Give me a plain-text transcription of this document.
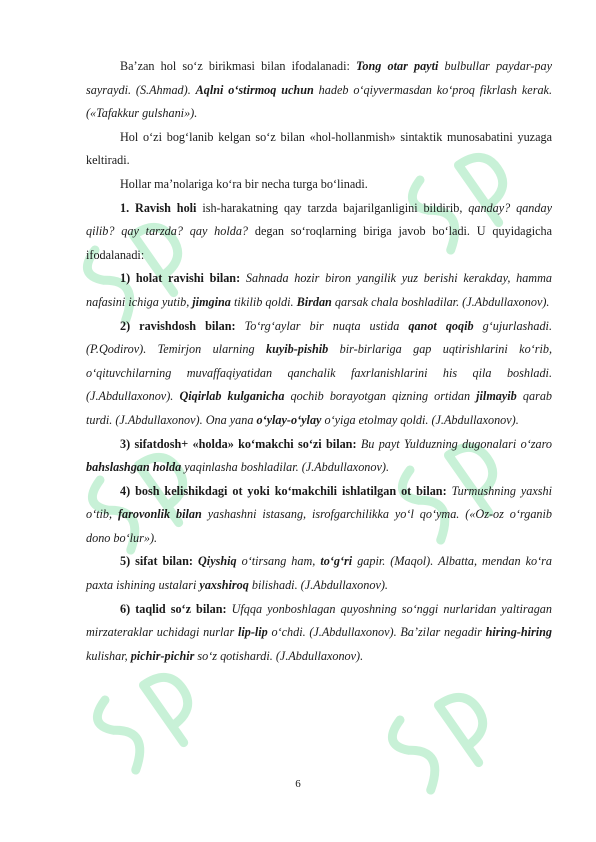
Ba’zan hol so‘z birikmasi bilan ifodalanadi: Tong otar payti bulbullar paydar-pay sayraydi. (S.Ahmad). Aqlni o‘stirmoq uchun hadeb o‘qiyvermasdan ko‘proq fikrlash kerak. («Tafakkur gulshani»).

Hol o‘zi bog‘lanib kelgan so‘z bilan «hol-hollanmish» sintaktik munosabatini yuzaga keltiradi.

Hollar ma’nolariga ko‘ra bir necha turga bo‘linadi.

1. Ravish holi ish-harakatning qay tarzda bajarilganligini bildirib, qanday? qanday qilib? qay tarzda? qay holda? degan so‘roqlarning biriga javob bo‘ladi. U quyidagicha ifodalanadi:

1) holat ravishi bilan: Sahnada hozir biron yangilik yuz berishi kerakday, hamma nafasini ichiga yutib, jimgina tikilib qoldi. Birdan qarsak chala boshladilar. (J.Abdullaxonov).

2) ravishdosh bilan: To‘rg‘aylar bir nuqta ustida qanot qoqib g‘ujurlashadi. (P.Qodirov). Temirjon ularning kuyib-pishib bir-birlariga gap uqtirishlarini ko‘rib, o‘qituvchilarning muvaffaqiyatidan qanchalik faxrlanishlarini his qila boshladi. (J.Abdullaxonov). Qiqirlab kulganicha qochib borayotgan qizning ortidan jilmayib qarab turdi. (J.Abdullaxonov). Ona yana o‘ylay-o‘ylay o‘yiga etolmay qoldi. (J.Abdullaxonov).

3) sifatdosh+ «holda» ko‘makchi so‘zi bilan: Bu payt Yulduzning dugonalari o‘zaro bahslashgan holda yaqinlasha boshladilar. (J.Abdullaxonov).

4) bosh kelishikdagi ot yoki ko‘makchili ishlatilgan ot bilan: Turmushning yaxshi o‘tib, farovonlik bilan yashashni istasang, isrofgarchilikka yo‘l qo‘yma. («Oz-oz o‘rganib dono bo‘lur»).

5) sifat bilan: Qiyshiq o‘tirsang ham, to‘g‘ri gapir. (Maqol). Albatta, mendan ko‘ra paxta ishining ustalari yaxshiroq bilishadi. (J.Abdullaxonov).

6) taqlid so‘z bilan: Ufqqa yonboshlagan quyoshning so‘nggi nurlaridan yaltiragan mirzateraklar uchidagi nurlar lip-lip o‘chdi. (J.Abdullaxonov). Ba’zilar negadir hiring-hiring kulishar, pichir-pichir so‘z qotishardi. (J.Abdullaxonov).

6
